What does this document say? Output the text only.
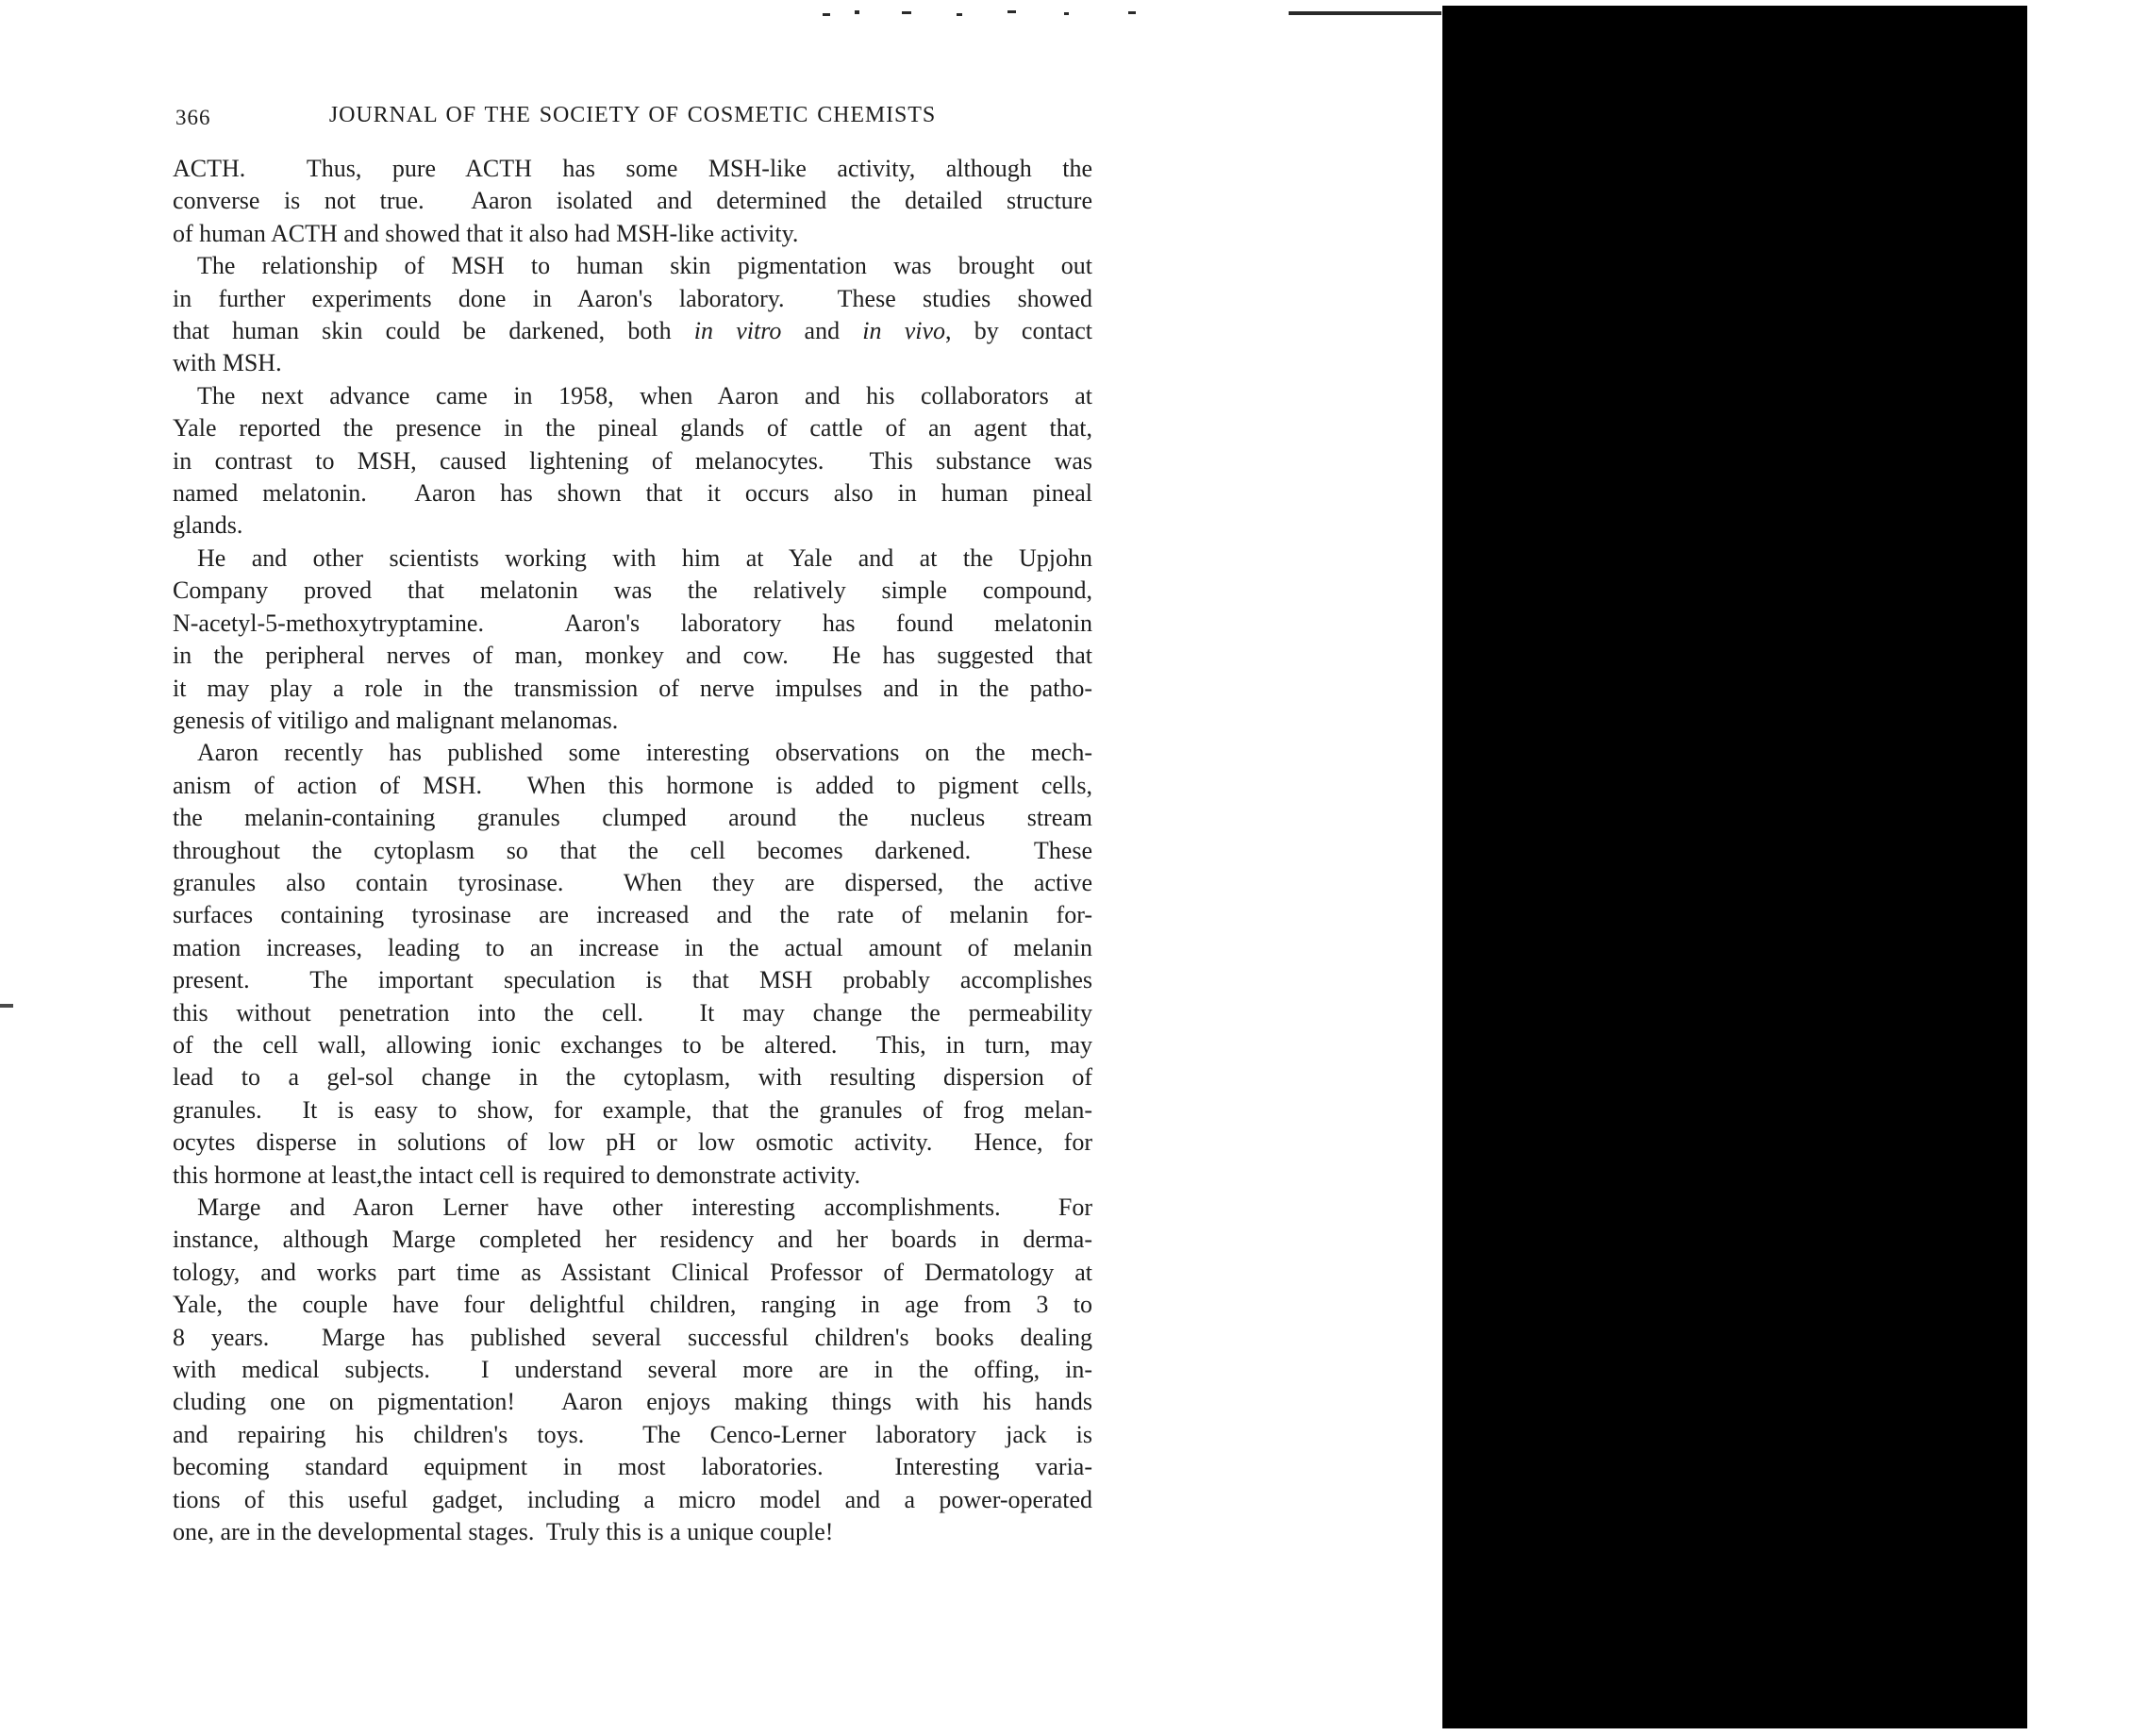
366	JOURNAL OF THE SOCIETY OF COSMETIC CHEMISTS
ACTH.  Thus, pure ACTH has some MSH-like activity, although the
converse is not true.  Aaron isolated and determined the detailed structure
of human ACTH and showed that it also had MSH-like activity.
The relationship of MSH to human skin pigmentation was brought out
in further experiments done in Aaron's laboratory.  These studies showed
that human skin could be darkened, both in vitro and in vivo, by contact
with MSH.
The next advance came in 1958, when Aaron and his collaborators at
Yale reported the presence in the pineal glands of cattle of an agent that,
in contrast to MSH, caused lightening of melanocytes.  This substance was
named melatonin.  Aaron has shown that it occurs also in human pineal
glands.
He and other scientists working with him at Yale and at the Upjohn
Company proved that melatonin was the relatively simple compound,
N-acetyl-5-methoxytryptamine.  Aaron's laboratory has found melatonin
in the peripheral nerves of man, monkey and cow.  He has suggested that
it may play a role in the transmission of nerve impulses and in the patho-
genesis of vitiligo and malignant melanomas.
Aaron recently has published some interesting observations on the mech-
anism of action of MSH.  When this hormone is added to pigment cells,
the melanin-containing granules clumped around the nucleus stream
throughout the cytoplasm so that the cell becomes darkened.  These
granules also contain tyrosinase.  When they are dispersed, the active
surfaces containing tyrosinase are increased and the rate of melanin for-
mation increases, leading to an increase in the actual amount of melanin
present.  The important speculation is that MSH probably accomplishes
this without penetration into the cell.  It may change the permeability
of the cell wall, allowing ionic exchanges to be altered.  This, in turn, may
lead to a gel-sol change in the cytoplasm, with resulting dispersion of
granules.  It is easy to show, for example, that the granules of frog melan-
ocytes disperse in solutions of low pH or low osmotic activity.  Hence, for
this hormone at least,the intact cell is required to demonstrate activity.
Marge and Aaron Lerner have other interesting accomplishments.  For
instance, although Marge completed her residency and her boards in derma-
tology, and works part time as Assistant Clinical Professor of Dermatology at
Yale, the couple have four delightful children, ranging in age from 3 to
8 years.  Marge has published several successful children's books dealing
with medical subjects.  I understand several more are in the offing, in-
cluding one on pigmentation!  Aaron enjoys making things with his hands
and repairing his children's toys.  The Cenco-Lerner laboratory jack is
becoming standard equipment in most laboratories.  Interesting varia-
tions of this useful gadget, including a micro model and a power-operated
one, are in the developmental stages.  Truly this is a unique couple!
